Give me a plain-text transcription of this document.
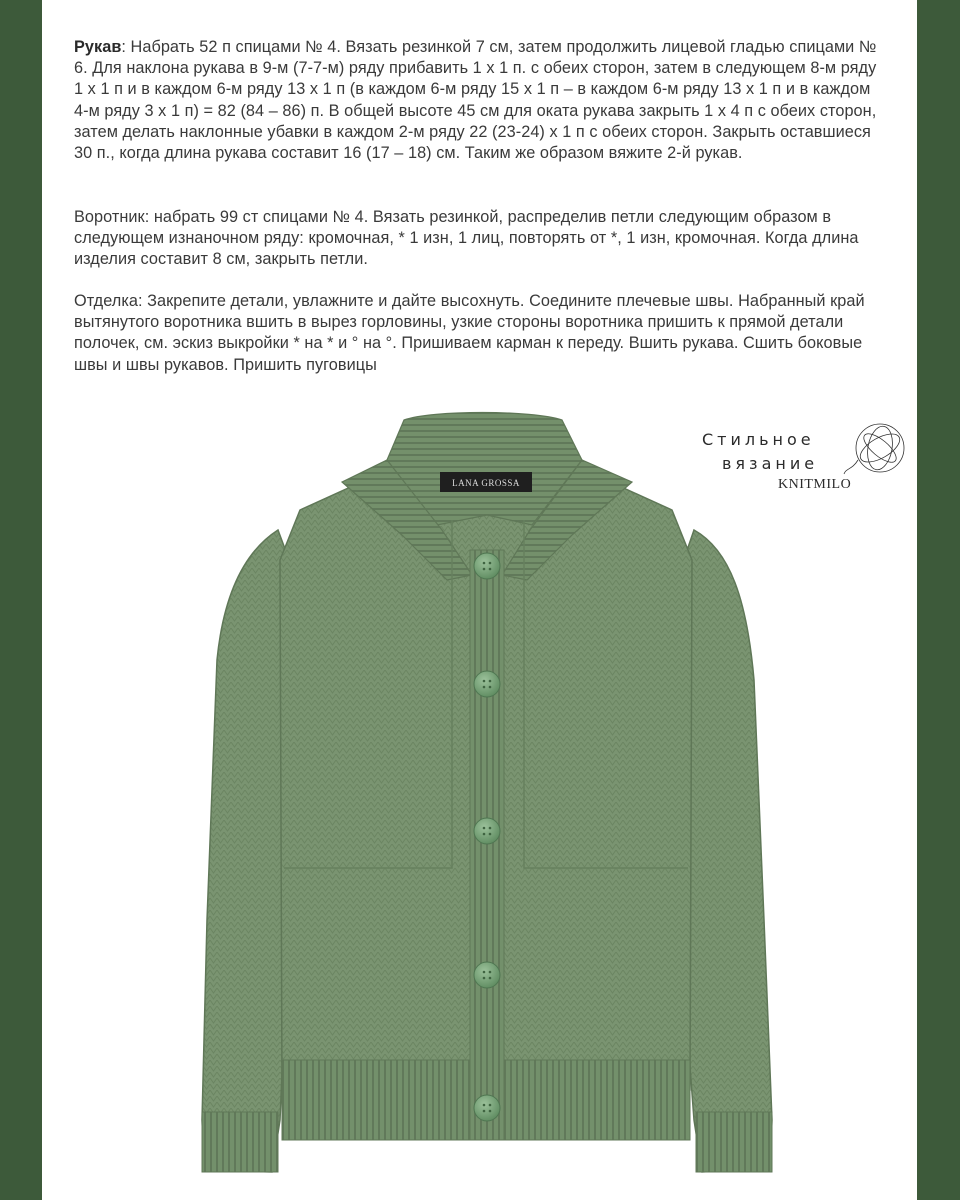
Рукав: Набрать 52 п спицами № 4. Вязать резинкой 7 см, затем продолжить лицевой гладью спицами № 6. Для наклона рукава в 9-м (7-7-м) ряду прибавить 1 х 1 п. с обеих сторон, затем в следующем 8-м ряду 1 х 1 п и в каждом 6-м ряду 13 х 1 п (в каждом 6-м ряду 15 х 1 п – в каждом 6-м ряду 13 х 1 п и в каждом 4-м ряду 3 х 1 п) = 82 (84 – 86) п. В общей высоте 45 см для оката рукава закрыть 1 х 4 п с обеих сторон, затем делать наклонные убавки в каждом 2-м ряду 22 (23-24) х 1 п с обеих сторон. Закрыть оставшиеся 30 п., когда длина рукава составит 16 (17 – 18) см. Таким же образом вяжите 2-й рукав.

Воротник: набрать 99 ст спицами № 4. Вязать резинкой, распределив петли следующим образом в следующем изнаночном ряду: кромочная, * 1 изн, 1 лиц, повторять от *, 1 изн, кромочная. Когда длина изделия составит 8 см, закрыть петли.

Отделка: Закрепите детали, увлажните и дайте высохнуть. Соедините плечевые швы. Набранный край вытянутого воротника вшить в вырез горловины, узкие стороны воротника пришить к прямой детали полочек, см. эскиз выкройки * на * и ° на °. Пришиваем карман к переду. Вшить рукава. Сшить боковые швы и швы рукавов. Пришить пуговицы

LANA GROSSA
Стильное
вязание
KNITMILO
